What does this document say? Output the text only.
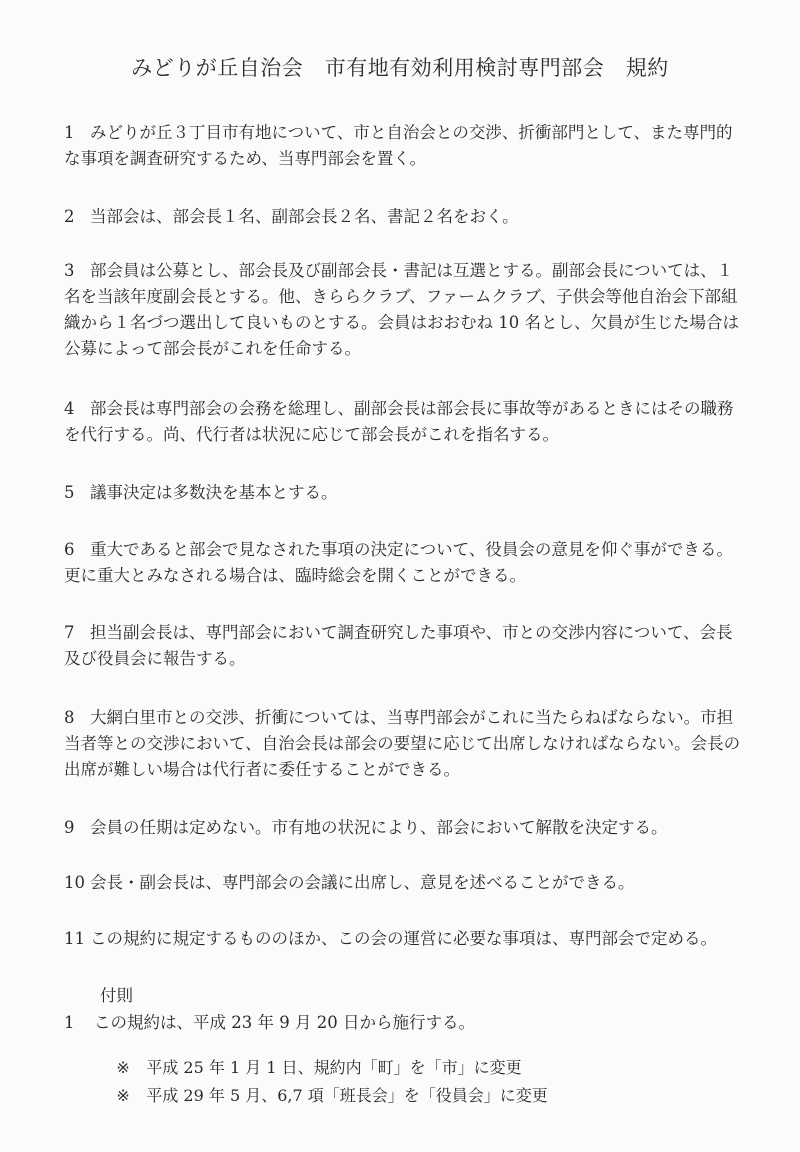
みどりが丘自治会　市有地有効利用検討専門部会　規約
1 みどりが丘３丁目市有地について、市と自治会との交渉、折衝部門として、また専門的な事項を調査研究するため、当専門部会を置く。
2 当部会は、部会長１名、副部会長２名、書記２名をおく。
3 部会員は公募とし、部会長及び副部会長・書記は互選とする。副部会長については、１名を当該年度副会長とする。他、きららクラブ、ファームクラブ、子供会等他自治会下部組織から１名づつ選出して良いものとする。会員はおおむね 10 名とし、欠員が生じた場合は公募によって部会長がこれを任命する。
4 部会長は専門部会の会務を総理し、副部会長は部会長に事故等があるときにはその職務を代行する。尚、代行者は状況に応じて部会長がこれを指名する。
5 議事決定は多数決を基本とする。
6 重大であると部会で見なされた事項の決定について、役員会の意見を仰ぐ事ができる。更に重大とみなされる場合は、臨時総会を開くことができる。
7 担当副会長は、専門部会において調査研究した事項や、市との交渉内容について、会長及び役員会に報告する。
8 大網白里市との交渉、折衝については、当専門部会がこれに当たらねばならない。市担当者等との交渉において、自治会長は部会の要望に応じて出席しなければならない。会長の出席が難しい場合は代行者に委任することができる。
9 会員の任期は定めない。市有地の状況により、部会において解散を決定する。
10 会長・副会長は、専門部会の会議に出席し、意見を述べることができる。
11 この規約に規定するもののほか、この会の運営に必要な事項は、専門部会で定める。
付則
1 この規約は、平成 23 年 9 月 20 日から施行する。

※ 平成 25 年 1 月 1 日、規約内「町」を「市」に変更

※ 平成 29 年 5 月、6,7 項「班長会」を「役員会」に変更
